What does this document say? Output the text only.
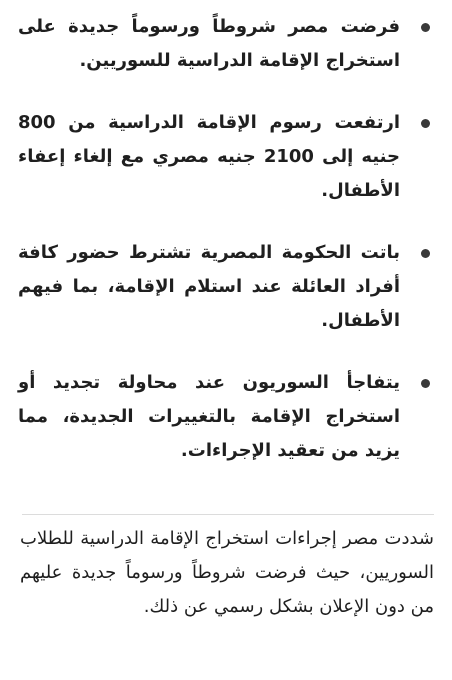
فرضت مصر شروطاً ورسوماً جديدة على استخراج الإقامة الدراسية للسوريين.
ارتفعت رسوم الإقامة الدراسية من 800 جنيه إلى 2100 جنيه مصري مع إلغاء إعفاء الأطفال.
باتت الحكومة المصرية تشترط حضور كافة أفراد العائلة عند استلام الإقامة، بما فيهم الأطفال.
يتفاجأ السوريون عند محاولة تجديد أو استخراج الإقامة بالتغييرات الجديدة، مما يزيد من تعقيد الإجراءات.

شددت مصر إجراءات استخراج الإقامة الدراسية للطلاب السوريين، حيث فرضت شروطاً ورسوماً جديدة عليهم من دون الإعلان بشكل رسمي عن ذلك.
